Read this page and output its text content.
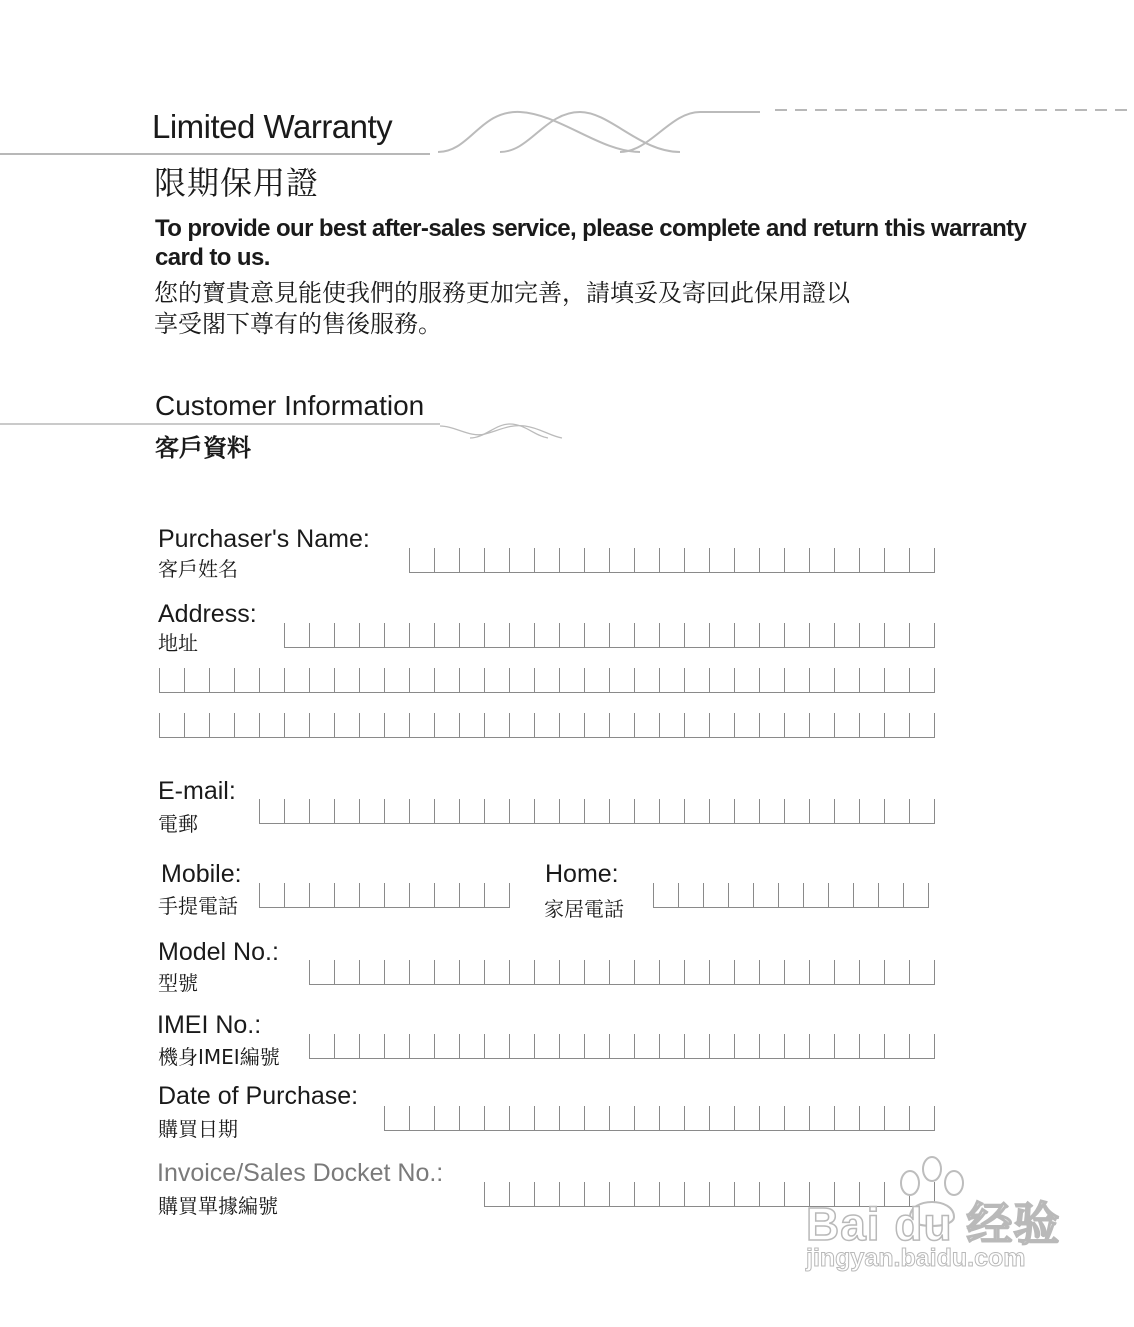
Limited Warranty
限期保用證
To provide our best after-sales service, please complete and return this warranty card to us.
您的寶貴意見能使我們的服務更加完善，請填妥及寄回此保用證以
享受閣下尊有的售後服務。
Customer Information
客戶資料
Purchaser's Name:
客戶姓名
Address:
地址
E-mail:
電郵
Mobile:
手提電話
Home:
家居電話
Model No.:
型號
IMEI No.:
機身IMEI編號
Date of Purchase:
購買日期
Invoice/Sales Docket No.:
購買單據編號	Bai du 经验
jingyan.baidu.com
